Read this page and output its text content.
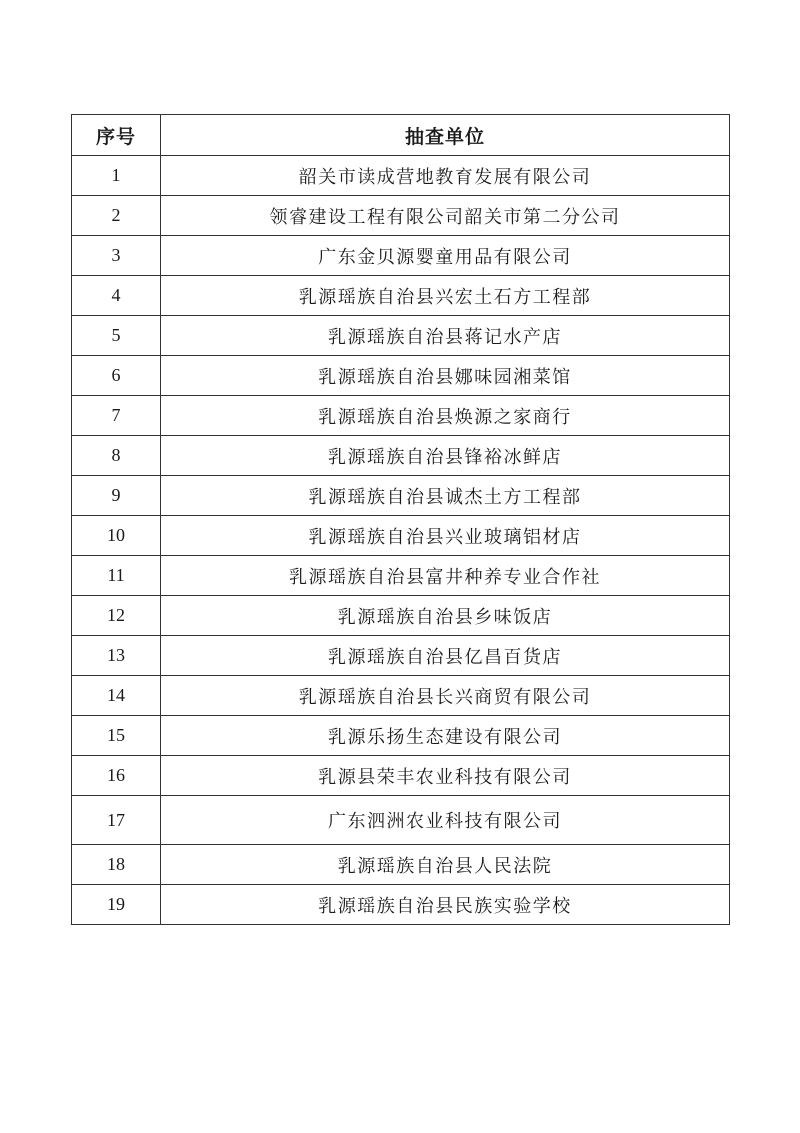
序号	抽查单位
1	韶关市读成营地教育发展有限公司
2	领睿建设工程有限公司韶关市第二分公司
3	广东金贝源婴童用品有限公司
4	乳源瑶族自治县兴宏土石方工程部
5	乳源瑶族自治县蒋记水产店
6	乳源瑶族自治县娜味园湘菜馆
7	乳源瑶族自治县焕源之家商行
8	乳源瑶族自治县锋裕冰鲜店
9	乳源瑶族自治县诚杰土方工程部
10	乳源瑶族自治县兴业玻璃铝材店
11	乳源瑶族自治县富井种养专业合作社
12	乳源瑶族自治县乡味饭店
13	乳源瑶族自治县亿昌百货店
14	乳源瑶族自治县长兴商贸有限公司
15	乳源乐扬生态建设有限公司
16	乳源县荣丰农业科技有限公司
17	广东泗洲农业科技有限公司
18	乳源瑶族自治县人民法院
19	乳源瑶族自治县民族实验学校
